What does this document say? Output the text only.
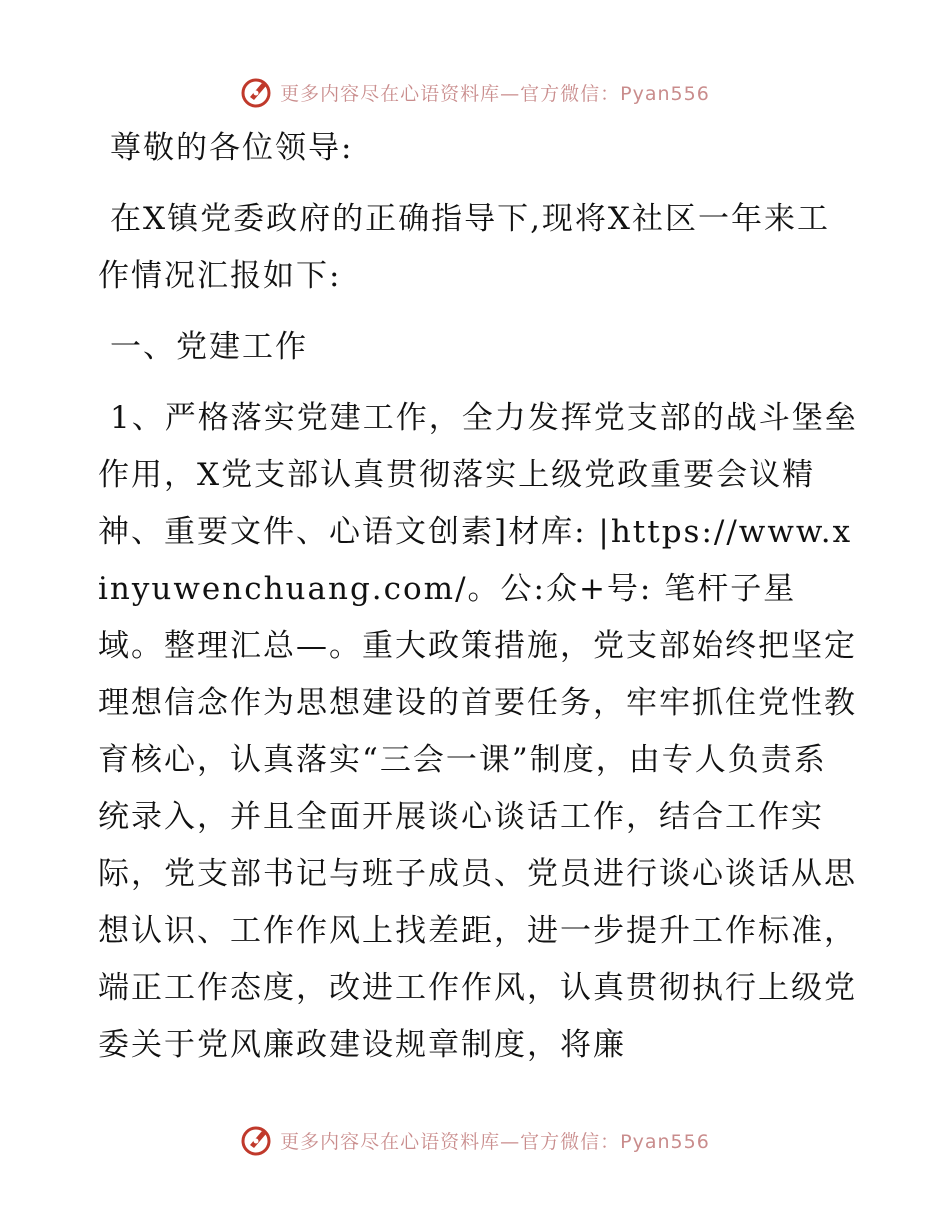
更多内容尽在心语资料库—官方微信：Pyan556

尊敬的各位领导:

在X镇党委政府的正确指导下,现将X社区一年来工作情况汇报如下:

一、党建工作

1、严格落实党建工作，全力发挥党支部的战斗堡垒作用，X党支部认真贯彻落实上级党政重要会议精神、重要文件、心语文创素]材库: |https://www.xinyuwenchuang.com/。公:众+号: 笔杆子星域。整理汇总—。重大政策措施，党支部始终把坚定理想信念作为思想建设的首要任务，牢牢抓住党性教育核心，认真落实“三会一课”制度，由专人负责系统录入，并且全面开展谈心谈话工作，结合工作实际，党支部书记与班子成员、党员进行谈心谈话从思想认识、工作作风上找差距，进一步提升工作标准，端正工作态度，改进工作作风，认真贯彻执行上级党委关于党风廉政建设规章制度，将廉

更多内容尽在心语资料库—官方微信：Pyan556
